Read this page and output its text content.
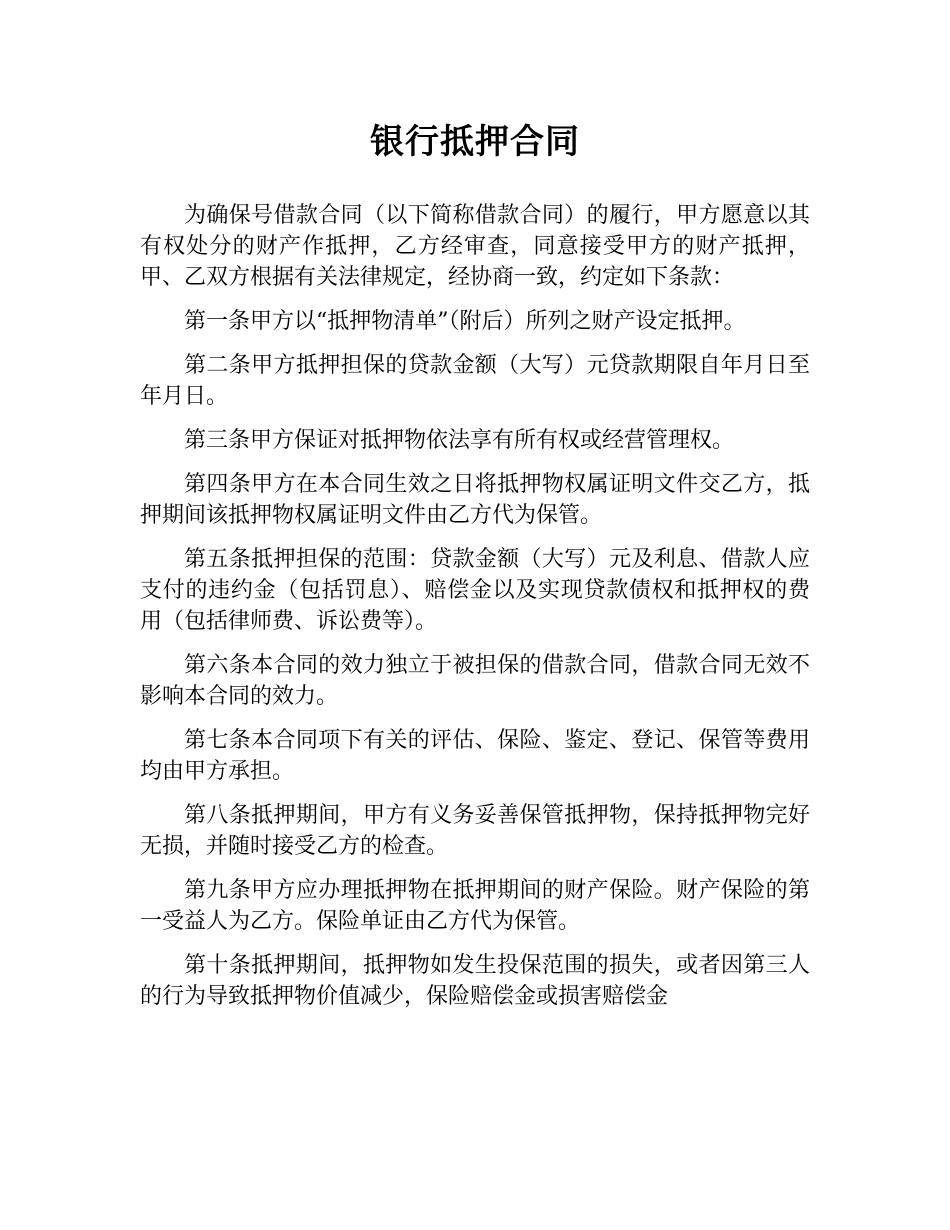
银行抵押合同

为确保号借款合同（以下简称借款合同）的履行，甲方愿意以其有权处分的财产作抵押，乙方经审查，同意接受甲方的财产抵押，甲、乙双方根据有关法律规定，经协商一致，约定如下条款：

第一条甲方以“抵押物清单”（附后）所列之财产设定抵押。

第二条甲方抵押担保的贷款金额（大写）元贷款期限自年月日至年月日。

第三条甲方保证对抵押物依法享有所有权或经营管理权。

第四条甲方在本合同生效之日将抵押物权属证明文件交乙方，抵押期间该抵押物权属证明文件由乙方代为保管。

第五条抵押担保的范围：贷款金额（大写）元及利息、借款人应支付的违约金（包括罚息）、赔偿金以及实现贷款债权和抵押权的费用（包括律师费、诉讼费等）。

第六条本合同的效力独立于被担保的借款合同，借款合同无效不影响本合同的效力。

第七条本合同项下有关的评估、保险、鉴定、登记、保管等费用均由甲方承担。

第八条抵押期间，甲方有义务妥善保管抵押物，保持抵押物完好无损，并随时接受乙方的检查。

第九条甲方应办理抵押物在抵押期间的财产保险。财产保险的第一受益人为乙方。保险单证由乙方代为保管。

第十条抵押期间，抵押物如发生投保范围的损失，或者因第三人的行为导致抵押物价值减少，保险赔偿金或损害赔偿金
